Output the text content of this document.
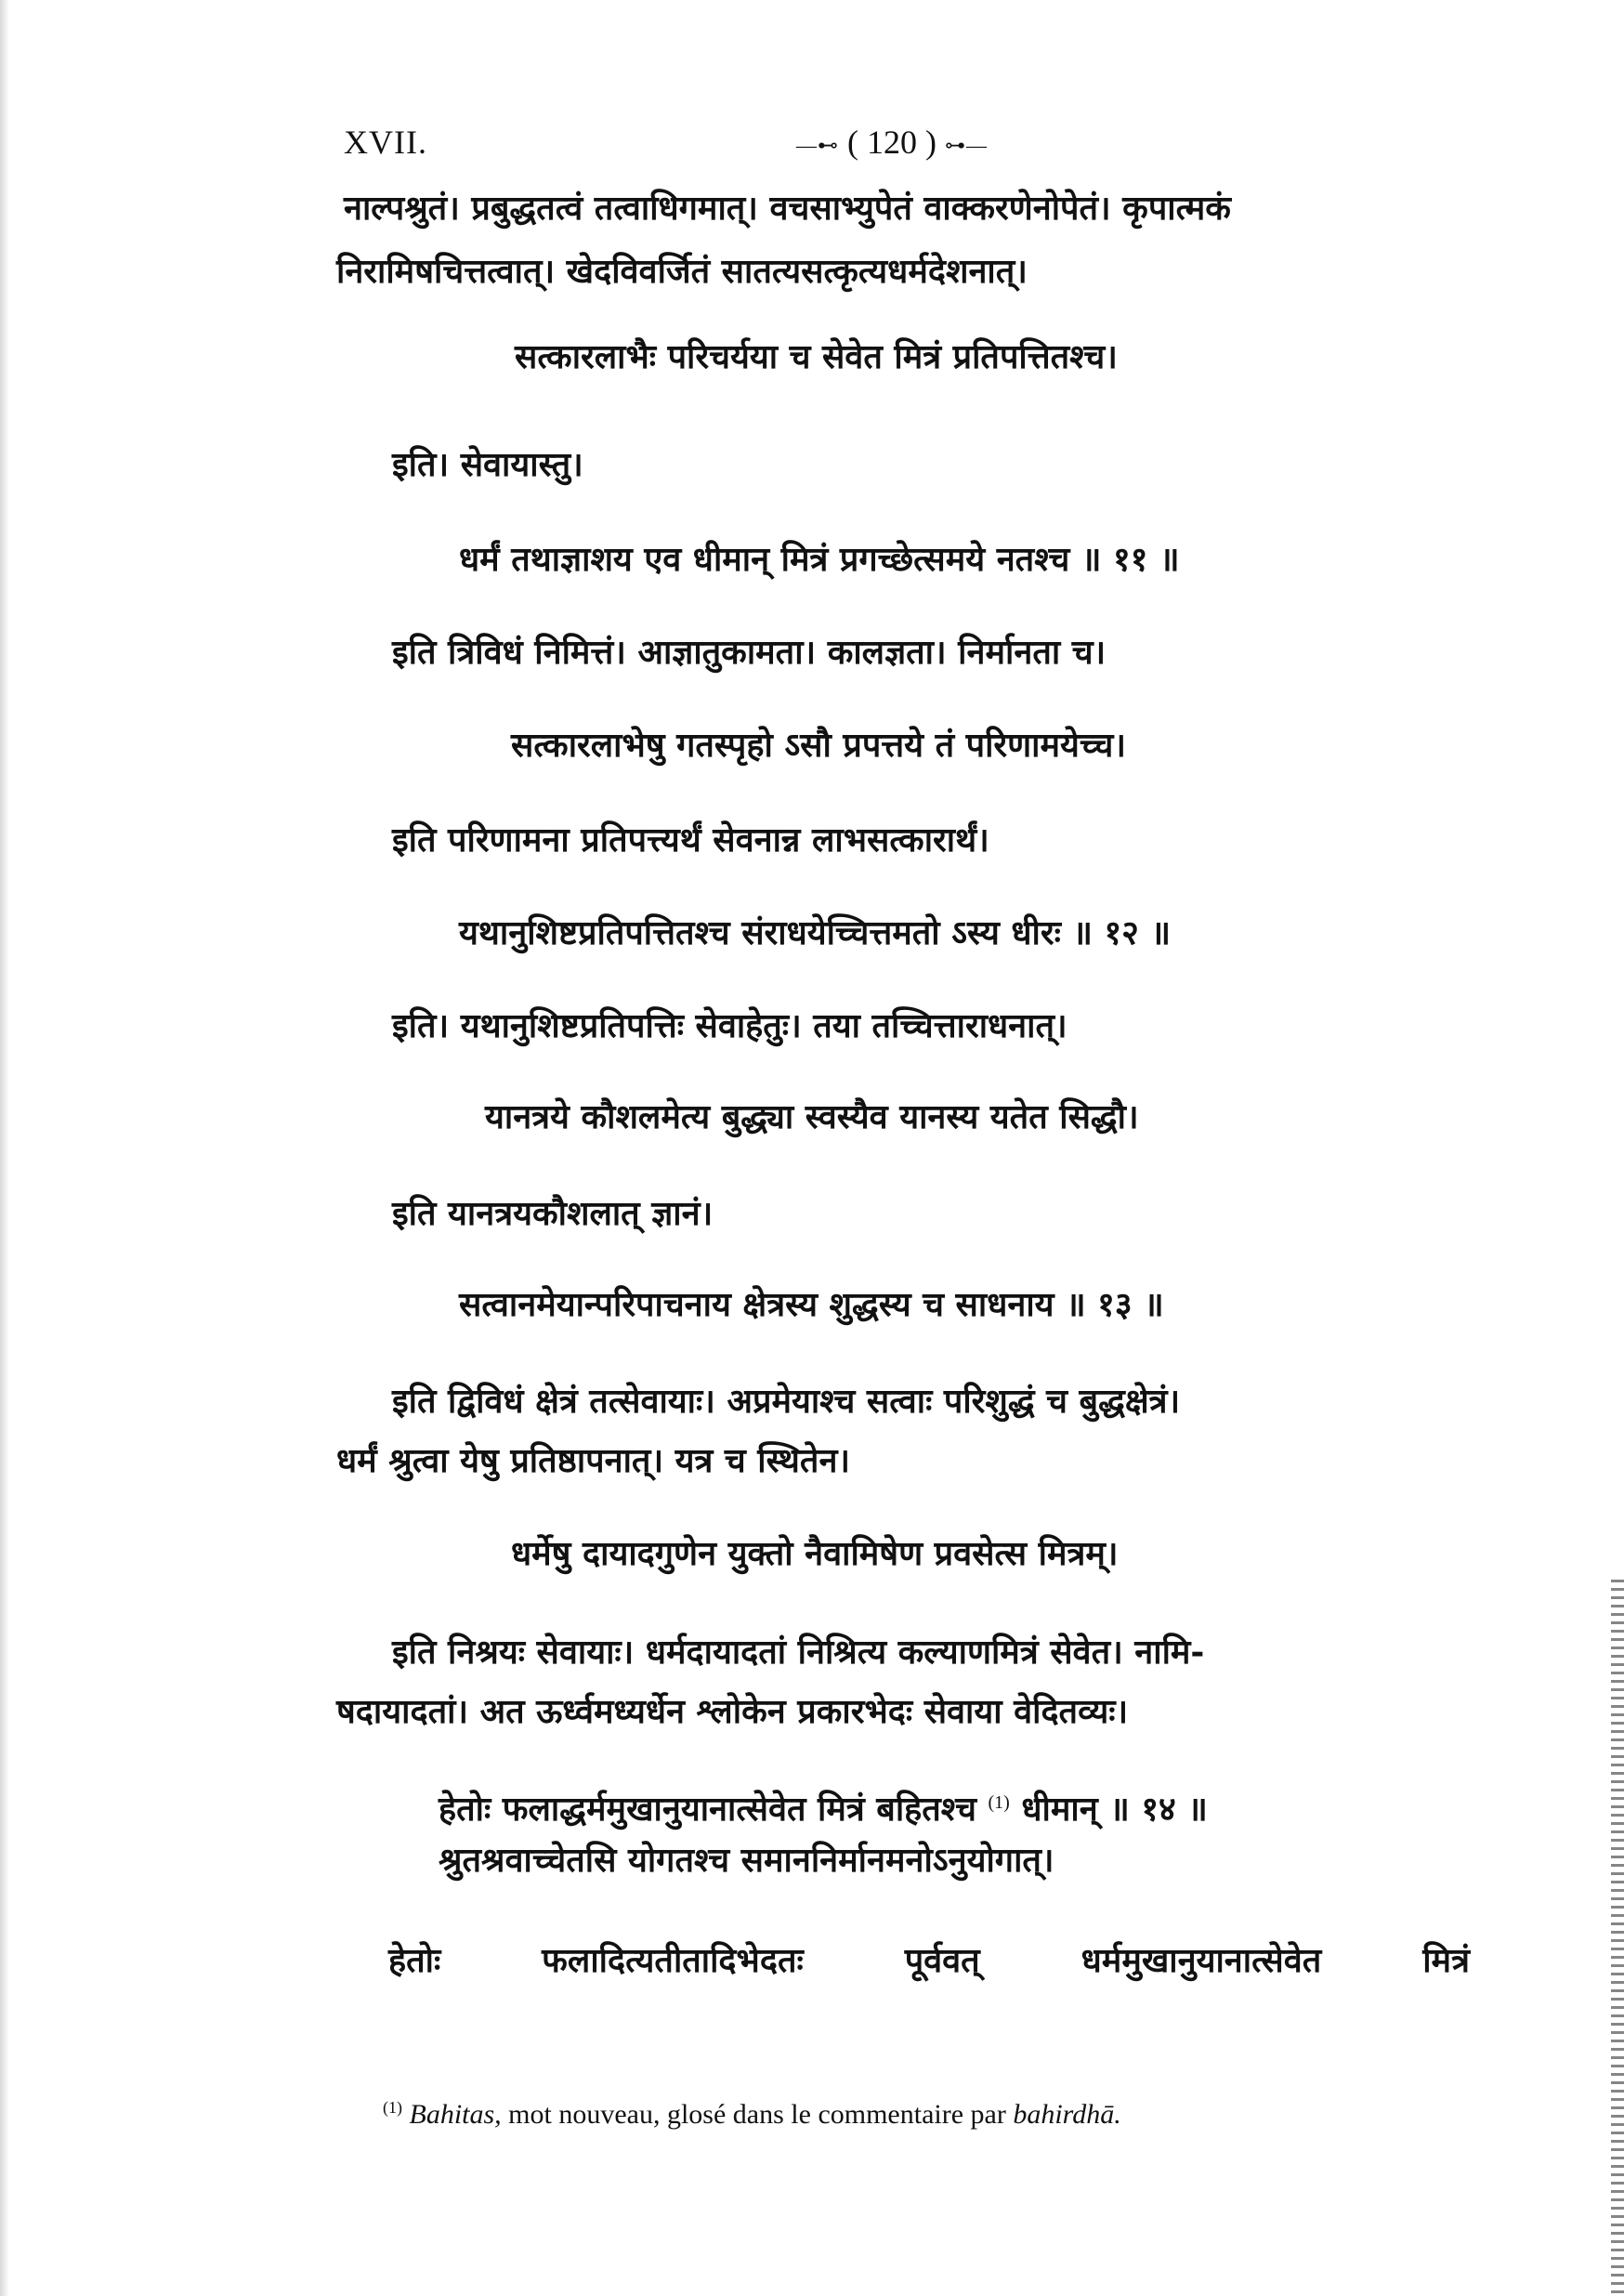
XVII.	—⊷ ( 120 ) ⊶—
नाल्पश्रुतं। प्रबुद्धतत्वं तत्वाधिगमात्। वचसाभ्युपेतं वाक्करणेनोपेतं। कृपात्मकं
निरामिषचित्तत्वात्। खेदविवर्जितं सातत्यसत्कृत्यधर्मदेशनात्।
सत्कारलाभैः परिचर्यया च सेवेत मित्रं प्रतिपत्तितश्च।
इति। सेवायास्तु।
धर्मं तथाज्ञाशय एव धीमान् मित्रं प्रगच्छेत्समये नतश्च ॥ ११ ॥
इति त्रिविधं निमित्तं। आज्ञातुकामता। कालज्ञता। निर्मानता च।
सत्कारलाभेषु गतस्पृहो ऽसौ प्रपत्तये तं परिणामयेच्च।
इति परिणामना प्रतिपत्त्यर्थं सेवनान्न लाभसत्कारार्थं।
यथानुशिष्टप्रतिपत्तितश्च संराधयेच्चित्तमतो ऽस्य धीरः ॥ १२ ॥
इति। यथानुशिष्टप्रतिपत्तिः सेवाहेतुः। तया तच्चित्ताराधनात्।
यानत्रये कौशलमेत्य बुद्ध्या स्वस्यैव यानस्य यतेत सिद्धौ।
इति यानत्रयकौशलात् ज्ञानं।
सत्वानमेयान्परिपाचनाय क्षेत्रस्य शुद्धस्य च साधनाय ॥ १३ ॥
इति द्विविधं क्षेत्रं तत्सेवायाः। अप्रमेयाश्च सत्वाः परिशुद्धं च बुद्धक्षेत्रं।
धर्मं श्रुत्वा येषु प्रतिष्ठापनात्। यत्र च स्थितेन।
धर्मेषु दायादगुणेन युक्तो नैवामिषेण प्रवसेत्स मित्रम्।
इति निश्रयः सेवायाः। धर्मदायादतां निश्रित्य कल्याणमित्रं सेवेत। नामि-
षदायादतां। अत ऊर्ध्वमध्यर्धेन श्लोकेन प्रकारभेदः सेवाया वेदितव्यः।
हेतोः फलाद्धर्ममुखानुयानात्सेवेत मित्रं बहितश्च $^{(1)}$ धीमान् ॥ १४ ॥
श्रुतश्रवाच्चेतसि योगतश्च समाननिर्मानमनोऽनुयोगात्।
हेतोः	फलादित्यतीतादिभेदतः	पूर्ववत्	धर्ममुखानुयानात्सेवेत	मित्रं
$^{(1)}$ Bahitas, mot nouveau, glosé dans le commentaire par bahirdhā.
